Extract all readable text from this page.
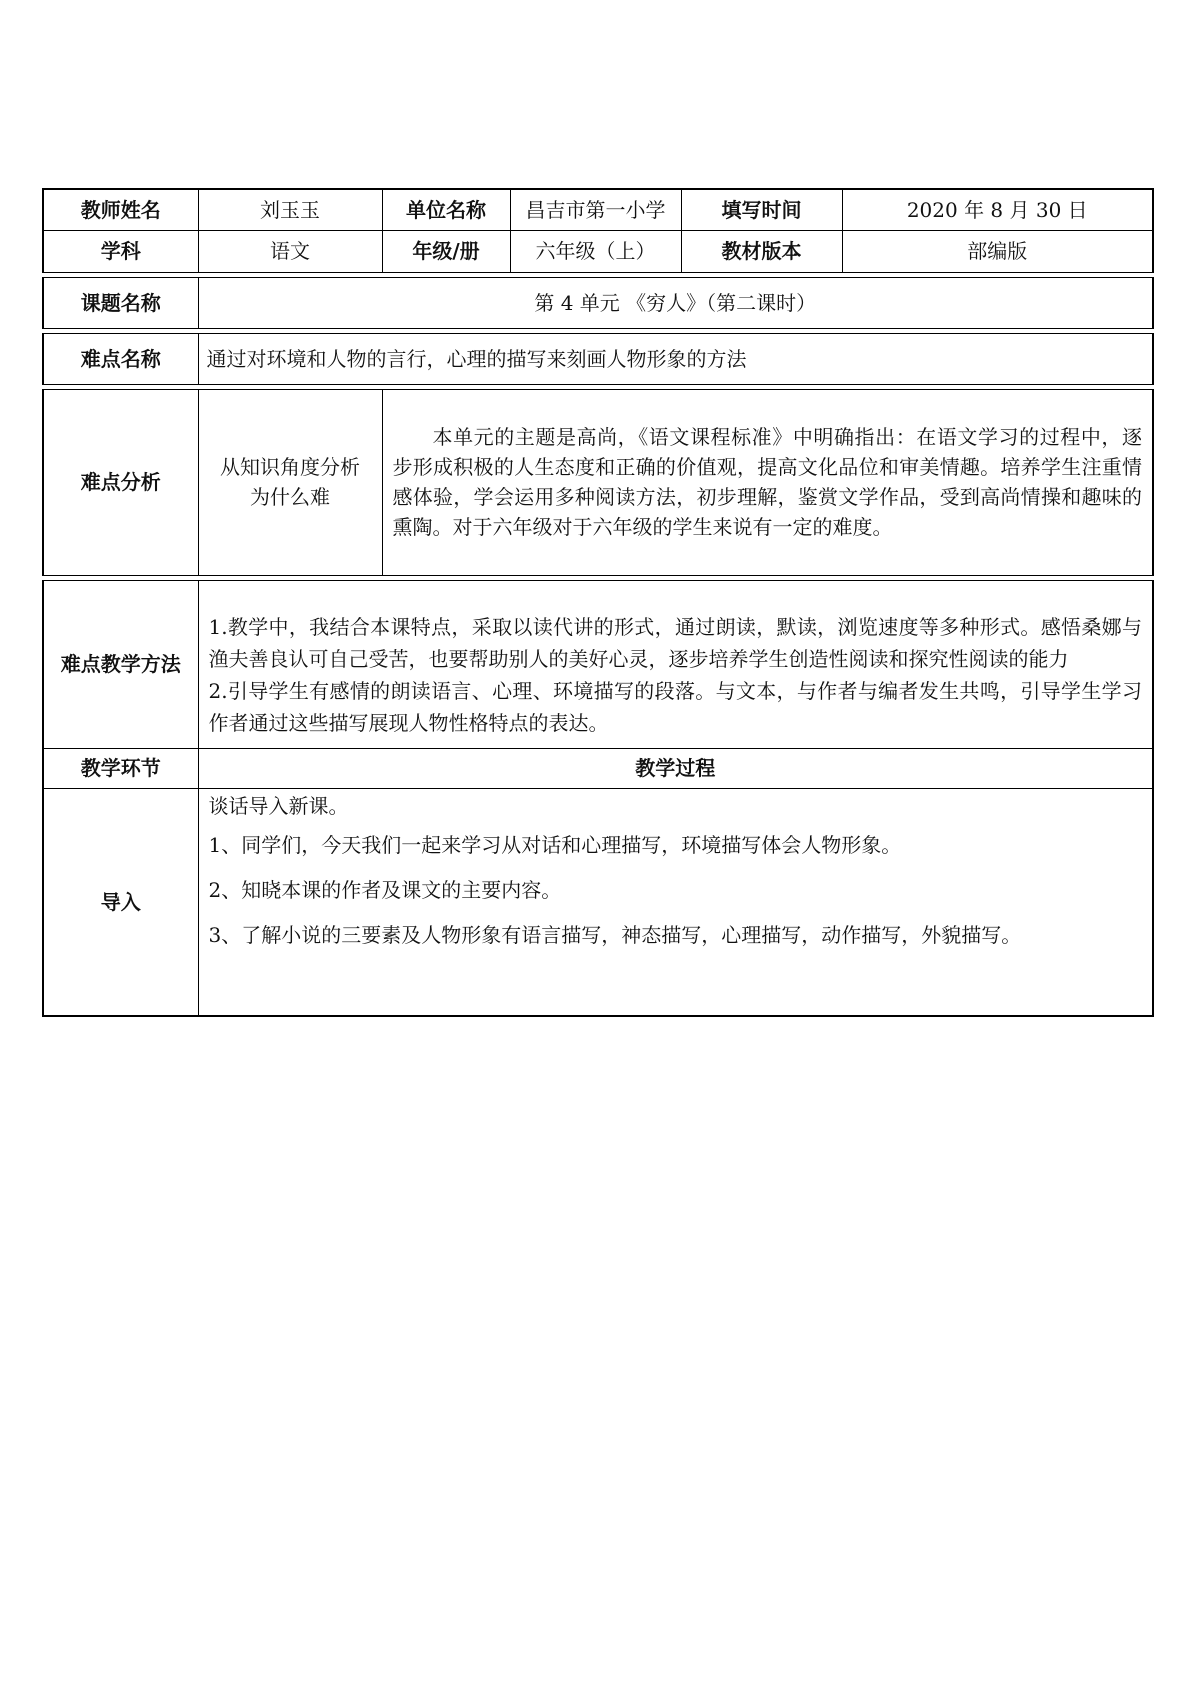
教师姓名	刘玉玉	单位名称	昌吉市第一小学	填写时间	2020 年 8 月 30 日
学科	语文	年级/册	六年级（上）	教材版本	部编版

课题名称	第 4 单元 《穷人》（第二课时）				

难点名称	通过对环境和人物的言行，心理的描写来刻画人物形象的方法				

难点分析	从知识角度分析为什么难	本单元的主题是高尚，《语文课程标准》中明确指出：在语文学习的过程中，逐步形成积极的人生态度和正确的价值观，提高文化品位和审美情趣。培养学生注重情感体验，学会运用多种阅读方法，初步理解，鉴赏文学作品，受到高尚情操和趣味的熏陶。对于六年级对于六年级的学生来说有一定的难度。			

难点教学方法	1.教学中，我结合本课特点，采取以读代讲的形式，通过朗读，默读，浏览速度等多种形式。感悟桑娜与渔夫善良认可自己受苦，也要帮助别人的美好心灵，逐步培养学生创造性阅读和探究性阅读的能力

2.引导学生有感情的朗读语言、心理、环境描写的段落。与文本，与作者与编者发生共鸣，引导学生学习作者通过这些描写展现人物性格特点的表达。				

教学环节	教学过程				
导入	谈话导入新课。

1、同学们，今天我们一起来学习从对话和心理描写，环境描写体会人物形象。

2、知晓本课的作者及课文的主要内容。

3、了解小说的三要素及人物形象有语言描写，神态描写，心理描写，动作描写，外貌描写。				
